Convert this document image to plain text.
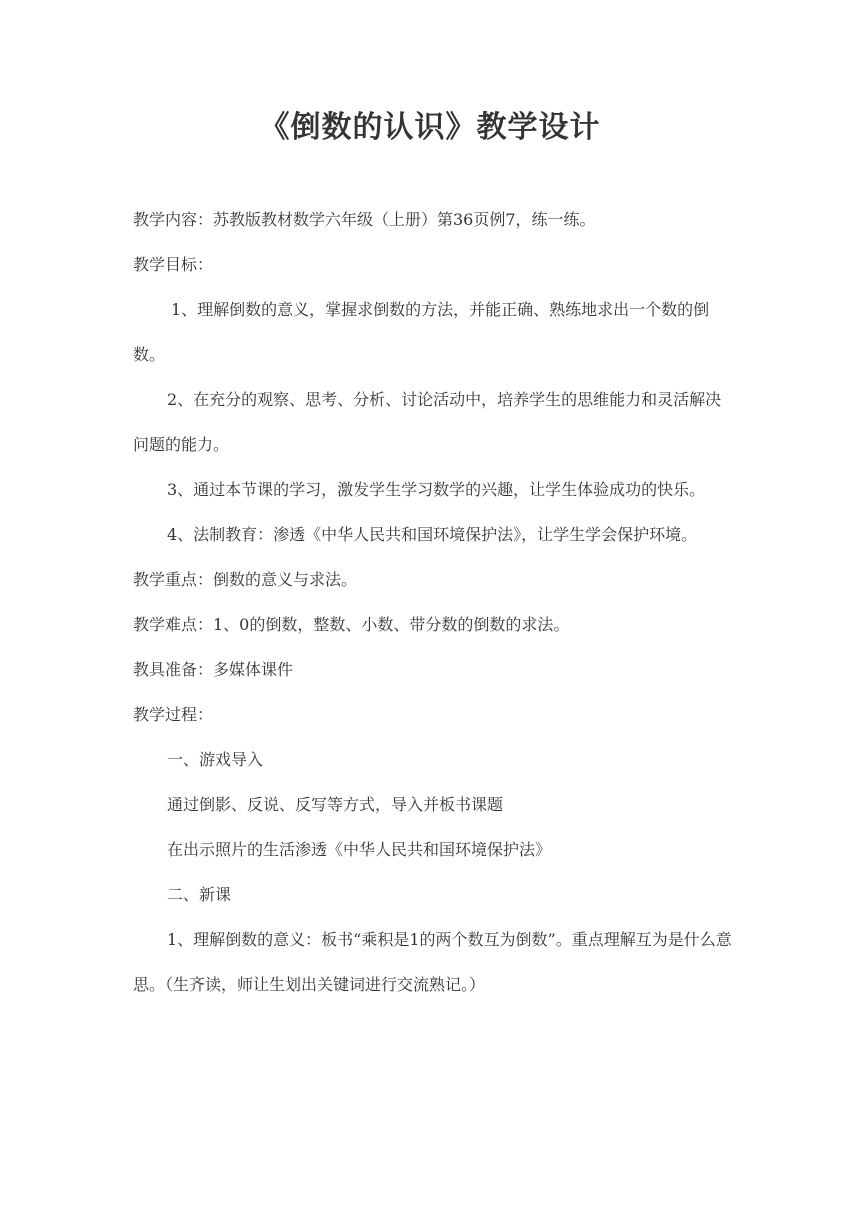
《倒数的认识》教学设计

教学内容：苏教版教材数学六年级（上册）第36页例7，练一练。

教学目标：

1、理解倒数的意义，掌握求倒数的方法，并能正确、熟练地求出一个数的倒数。

2、在充分的观察、思考、分析、讨论活动中，培养学生的思维能力和灵活解决问题的能力。

3、通过本节课的学习，激发学生学习数学的兴趣，让学生体验成功的快乐。

4、法制教育：渗透《中华人民共和国环境保护法》，让学生学会保护环境。

教学重点：倒数的意义与求法。

教学难点：1、0的倒数，整数、小数、带分数的倒数的求法。

教具准备：多媒体课件

教学过程：

一、游戏导入

通过倒影、反说、反写等方式，导入并板书课题

在出示照片的生活渗透《中华人民共和国环境保护法》

二、新课

1、理解倒数的意义：板书“乘积是1的两个数互为倒数”。重点理解互为是什么意思。（生齐读，师让生划出关键词进行交流熟记。）
